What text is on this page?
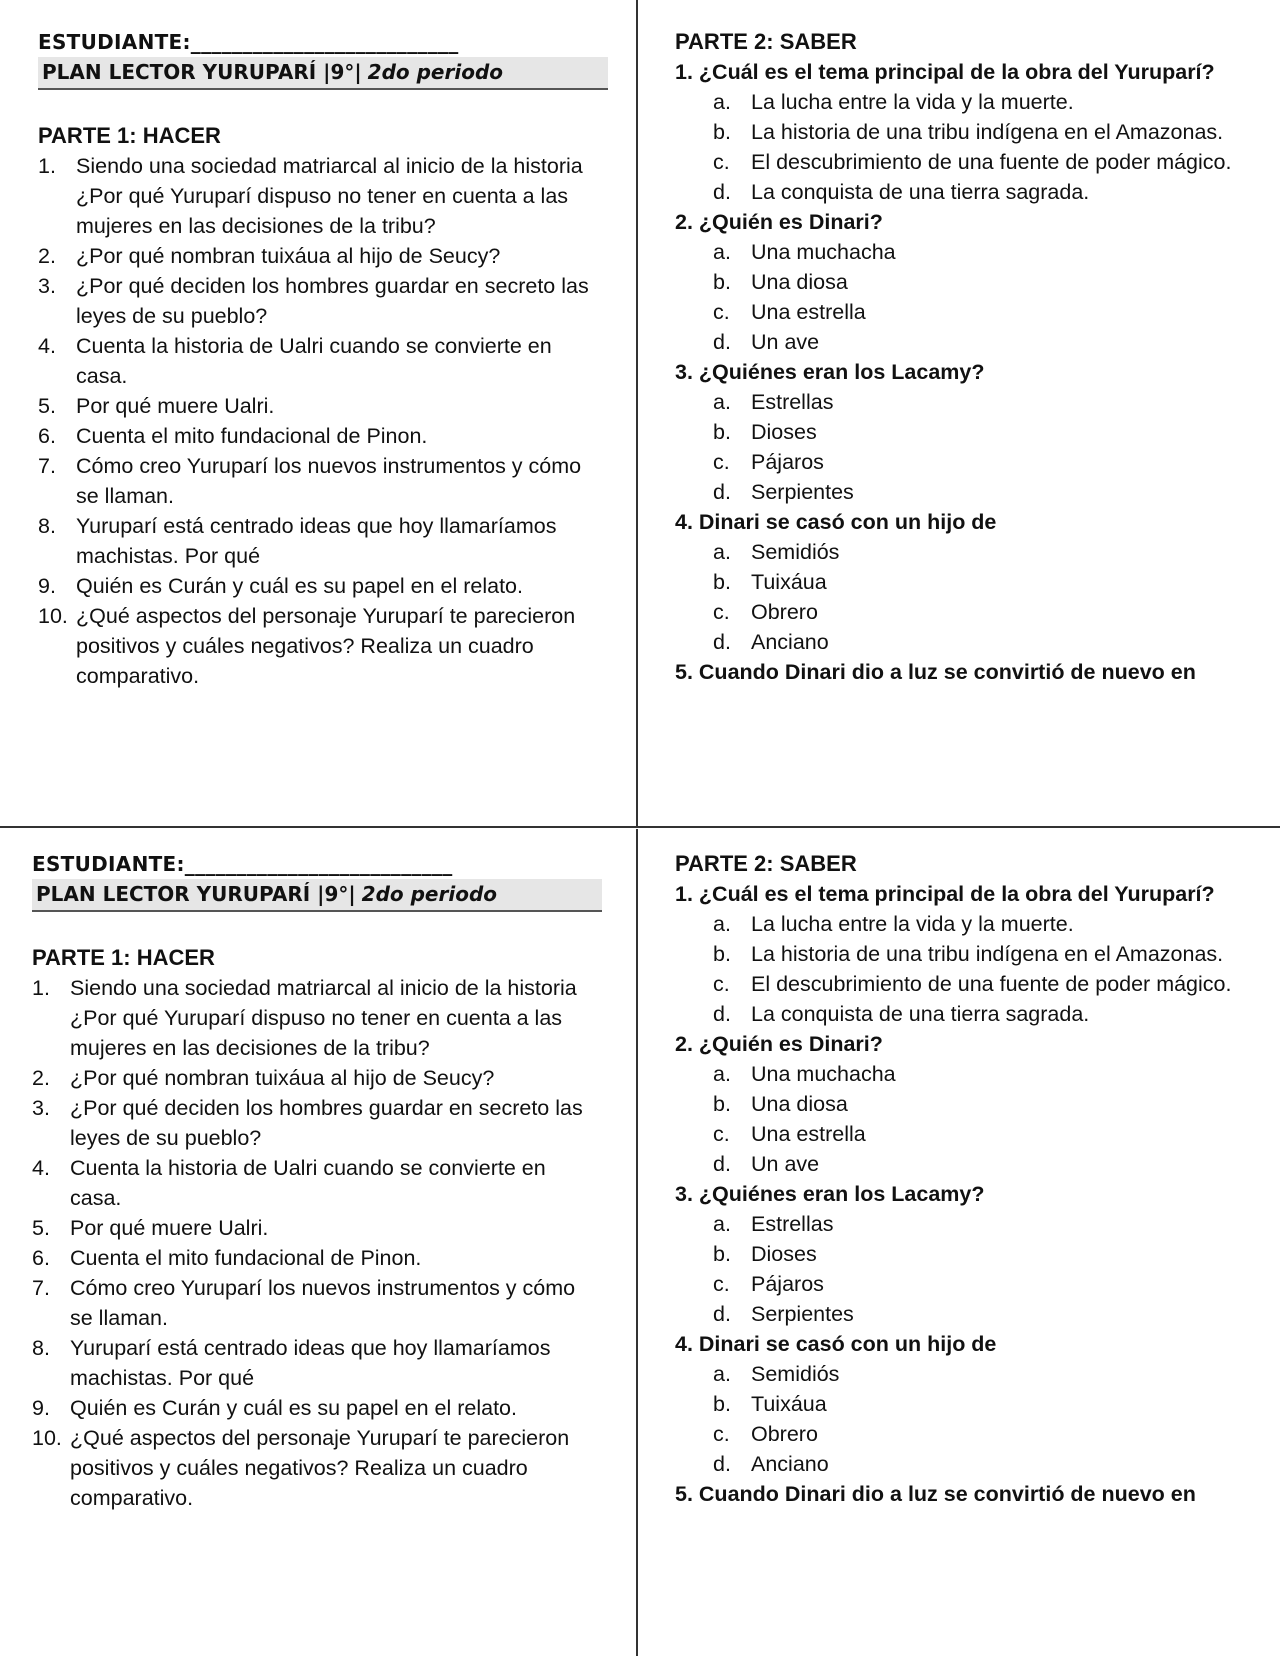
ESTUDIANTE:__________________________
PLAN LECTOR YURUPARÍ |9°| 2do periodo
PARTE 1: HACER
1. Siendo una sociedad matriarcal al inicio de la historia ¿Por qué Yuruparí dispuso no tener en cuenta a las mujeres en las decisiones de la tribu?
2. ¿Por qué nombran tuixáua al hijo de Seucy?
3. ¿Por qué deciden los hombres guardar en secreto las leyes de su pueblo?
4. Cuenta la historia de Ualri cuando se convierte en casa.
5. Por qué muere Ualri.
6. Cuenta el mito fundacional de Pinon.
7. Cómo creo Yuruparí los nuevos instrumentos y cómo se llaman.
8. Yuruparí está centrado ideas que hoy llamaríamos machistas. Por qué
9. Quién es Curán y cuál es su papel en el relato.
10. ¿Qué aspectos del personaje Yuruparí te parecieron positivos y cuáles negativos? Realiza un cuadro comparativo.
PARTE 2: SABER
1. ¿Cuál es el tema principal de la obra del Yuruparí?
a. La lucha entre la vida y la muerte.
b. La historia de una tribu indígena en el Amazonas.
c. El descubrimiento de una fuente de poder mágico.
d. La conquista de una tierra sagrada.
2. ¿Quién es Dinari?
a. Una muchacha
b. Una diosa
c. Una estrella
d. Un ave
3. ¿Quiénes eran los Lacamy?
a. Estrellas
b. Dioses
c. Pájaros
d. Serpientes
4. Dinari se casó con un hijo de
a. Semidiós
b. Tuixáua
c. Obrero
d. Anciano
5. Cuando Dinari dio a luz se convirtió de nuevo en
ESTUDIANTE:__________________________
PLAN LECTOR YURUPARÍ |9°| 2do periodo
PARTE 1: HACER
1. Siendo una sociedad matriarcal al inicio de la historia ¿Por qué Yuruparí dispuso no tener en cuenta a las mujeres en las decisiones de la tribu?
2. ¿Por qué nombran tuixáua al hijo de Seucy?
3. ¿Por qué deciden los hombres guardar en secreto las leyes de su pueblo?
4. Cuenta la historia de Ualri cuando se convierte en casa.
5. Por qué muere Ualri.
6. Cuenta el mito fundacional de Pinon.
7. Cómo creo Yuruparí los nuevos instrumentos y cómo se llaman.
8. Yuruparí está centrado ideas que hoy llamaríamos machistas. Por qué
9. Quién es Curán y cuál es su papel en el relato.
10. ¿Qué aspectos del personaje Yuruparí te parecieron positivos y cuáles negativos? Realiza un cuadro comparativo.
PARTE 2: SABER
1. ¿Cuál es el tema principal de la obra del Yuruparí?
a. La lucha entre la vida y la muerte.
b. La historia de una tribu indígena en el Amazonas.
c. El descubrimiento de una fuente de poder mágico.
d. La conquista de una tierra sagrada.
2. ¿Quién es Dinari?
a. Una muchacha
b. Una diosa
c. Una estrella
d. Un ave
3. ¿Quiénes eran los Lacamy?
a. Estrellas
b. Dioses
c. Pájaros
d. Serpientes
4. Dinari se casó con un hijo de
a. Semidiós
b. Tuixáua
c. Obrero
d. Anciano
5. Cuando Dinari dio a luz se convirtió de nuevo en
